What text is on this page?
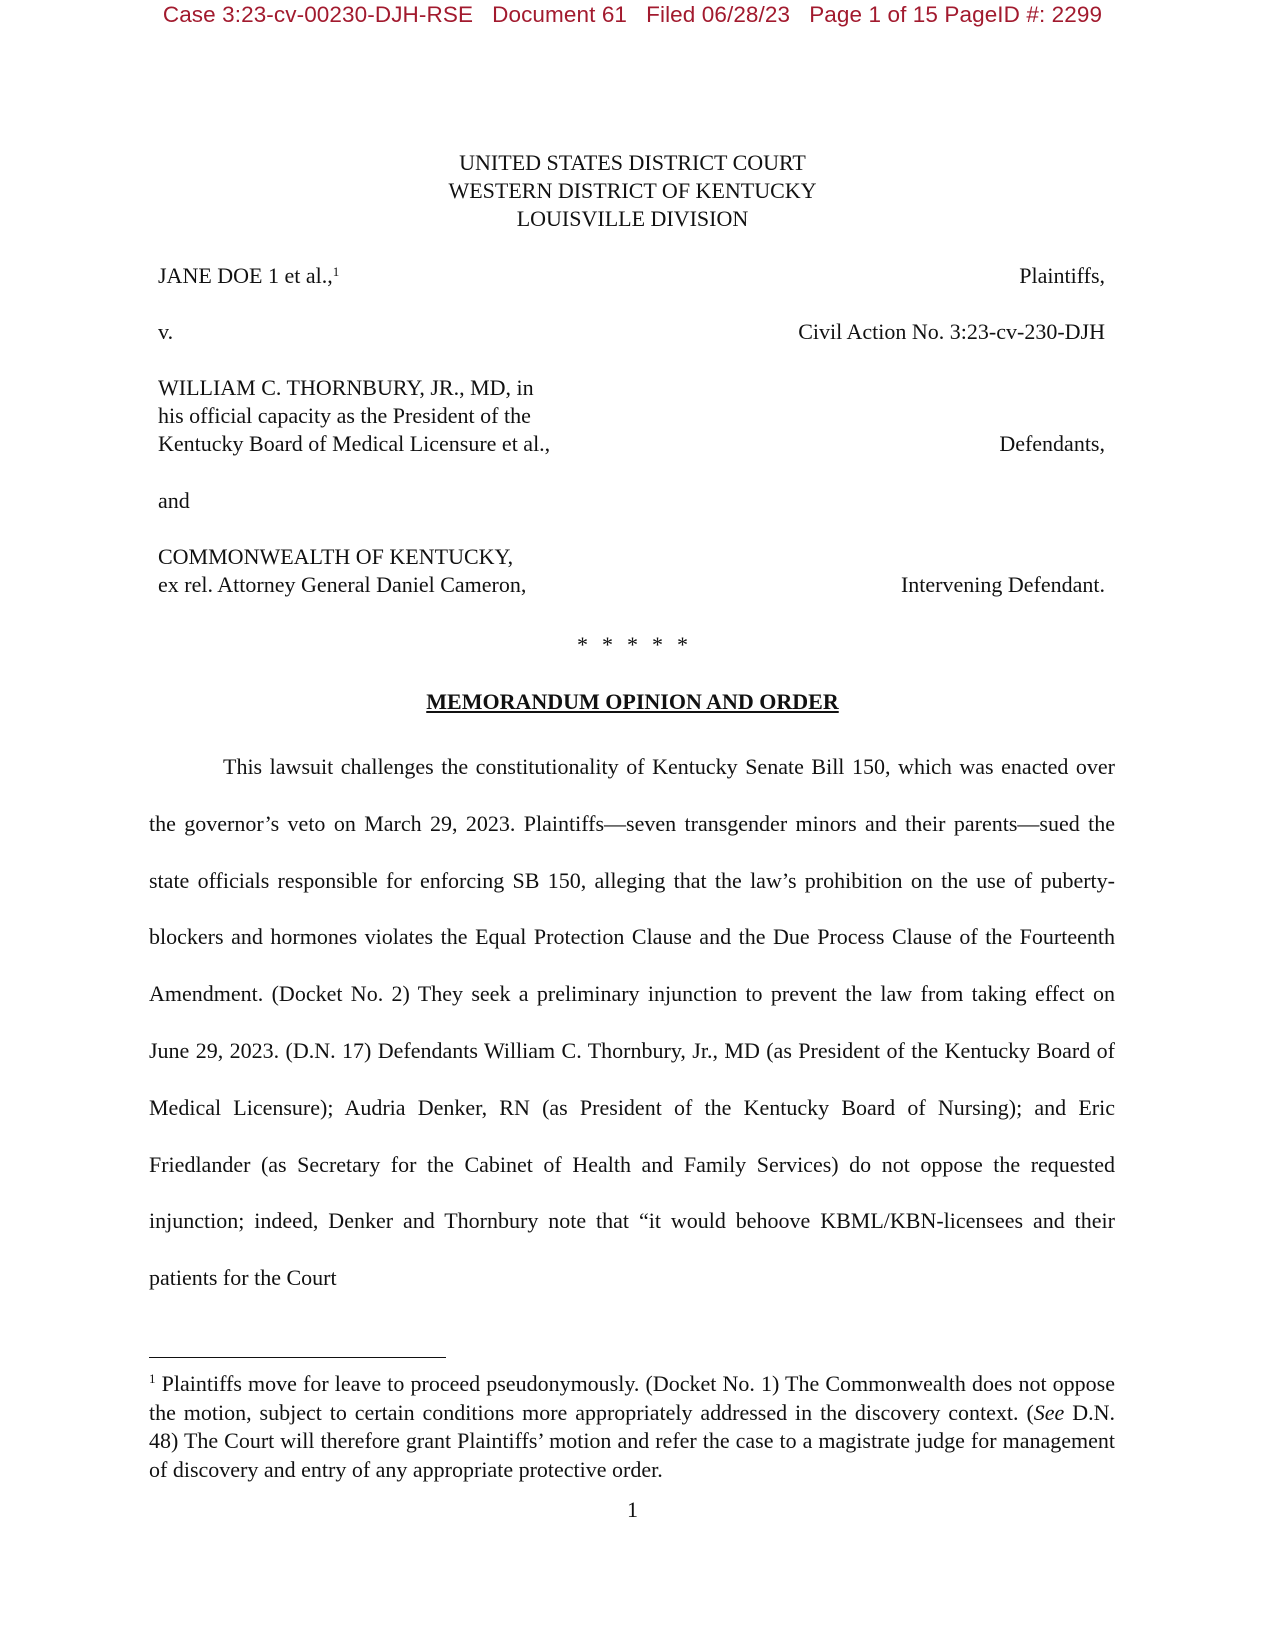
Case 3:23-cv-00230-DJH-RSE Document 61 Filed 06/28/23 Page 1 of 15 PageID #: 2299
UNITED STATES DISTRICT COURT
WESTERN DISTRICT OF KENTUCKY
LOUISVILLE DIVISION
JANE DOE 1 et al.,$^1$	Plaintiffs,
v.	Civil Action No. 3:23-cv-230-DJH
WILLIAM C. THORNBURY, JR., MD, in
his official capacity as the President of the
Kentucky Board of Medical Licensure et al.,	Defendants,
and
COMMONWEALTH OF KENTUCKY,
ex rel. Attorney General Daniel Cameron,	Intervening Defendant.
* * * * *
MEMORANDUM OPINION AND ORDER

This lawsuit challenges the constitutionality of Kentucky Senate Bill 150, which was enacted over the governor’s veto on March 29, 2023. Plaintiffs—seven transgender minors and their parents—sued the state officials responsible for enforcing SB 150, alleging that the law’s prohibition on the use of puberty-blockers and hormones violates the Equal Protection Clause and the Due Process Clause of the Fourteenth Amendment. (Docket No. 2) They seek a preliminary injunction to prevent the law from taking effect on June 29, 2023. (D.N. 17) Defendants William C. Thornbury, Jr., MD (as President of the Kentucky Board of Medical Licensure); Audria Denker, RN (as President of the Kentucky Board of Nursing); and Eric Friedlander (as Secretary for the Cabinet of Health and Family Services) do not oppose the requested injunction; indeed, Denker and Thornbury note that “it would behoove KBML/KBN-licensees and their patients for the Court

$^1$ Plaintiffs move for leave to proceed pseudonymously. (Docket No. 1) The Commonwealth does not oppose the motion, subject to certain conditions more appropriately addressed in the discovery context. (See D.N. 48) The Court will therefore grant Plaintiffs’ motion and refer the case to a magistrate judge for management of discovery and entry of any appropriate protective order.

1
